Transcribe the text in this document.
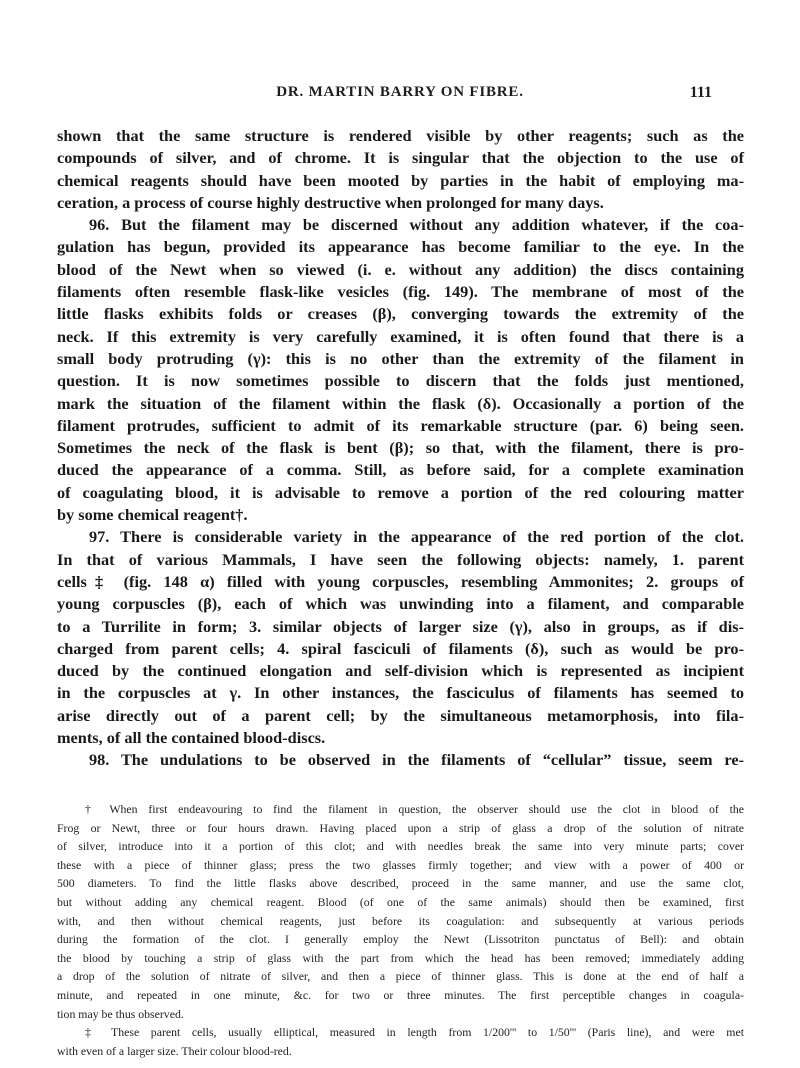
DR. MARTIN BARRY ON FIBRE.	111
shown that the same structure is rendered visible by other reagents; such as the
compounds of silver, and of chrome. It is singular that the objection to the use of
chemical reagents should have been mooted by parties in the habit of employing ma-
ceration, a process of course highly destructive when prolonged for many days.
96. But the filament may be discerned without any addition whatever, if the coa-
gulation has begun, provided its appearance has become familiar to the eye. In the
blood of the Newt when so viewed (i. e. without any addition) the discs containing
filaments often resemble flask-like vesicles (fig. 149). The membrane of most of the
little flasks exhibits folds or creases (β), converging towards the extremity of the
neck. If this extremity is very carefully examined, it is often found that there is a
small body protruding (γ): this is no other than the extremity of the filament in
question. It is now sometimes possible to discern that the folds just mentioned,
mark the situation of the filament within the flask (δ). Occasionally a portion of the
filament protrudes, sufficient to admit of its remarkable structure (par. 6) being seen.
Sometimes the neck of the flask is bent (β); so that, with the filament, there is pro-
duced the appearance of a comma. Still, as before said, for a complete examination
of coagulating blood, it is advisable to remove a portion of the red colouring matter
by some chemical reagent†.
97. There is considerable variety in the appearance of the red portion of the clot.
In that of various Mammals, I have seen the following objects: namely, 1. parent
cells‡ (fig. 148 α) filled with young corpuscles, resembling Ammonites; 2. groups of
young corpuscles (β), each of which was unwinding into a filament, and comparable
to a Turrilite in form; 3. similar objects of larger size (γ), also in groups, as if dis-
charged from parent cells; 4. spiral fasciculi of filaments (δ), such as would be pro-
duced by the continued elongation and self-division which is represented as incipient
in the corpuscles at γ. In other instances, the fasciculus of filaments has seemed to
arise directly out of a parent cell; by the simultaneous metamorphosis, into fila-
ments, of all the contained blood-discs.
98. The undulations to be observed in the filaments of “cellular” tissue, seem re-
† When first endeavouring to find the filament in question, the observer should use the clot in blood of the
Frog or Newt, three or four hours drawn. Having placed upon a strip of glass a drop of the solution of nitrate
of silver, introduce into it a portion of this clot; and with needles break the same into very minute parts; cover
these with a piece of thinner glass; press the two glasses firmly together; and view with a power of 400 or
500 diameters. To find the little flasks above described, proceed in the same manner, and use the same clot,
but without adding any chemical reagent. Blood (of one of the same animals) should then be examined, first
with, and then without chemical reagents, just before its coagulation: and subsequently at various periods
during the formation of the clot. I generally employ the Newt (Lissotriton punctatus of Bell): and obtain
the blood by touching a strip of glass with the part from which the head has been removed; immediately adding
a drop of the solution of nitrate of silver, and then a piece of thinner glass. This is done at the end of half a
minute, and repeated in one minute, &c. for two or three minutes. The first perceptible changes in coagula-
tion may be thus observed.
‡ These parent cells, usually elliptical, measured in length from 1/200''' to 1/50''' (Paris line), and were met
with even of a larger size. Their colour blood-red.
